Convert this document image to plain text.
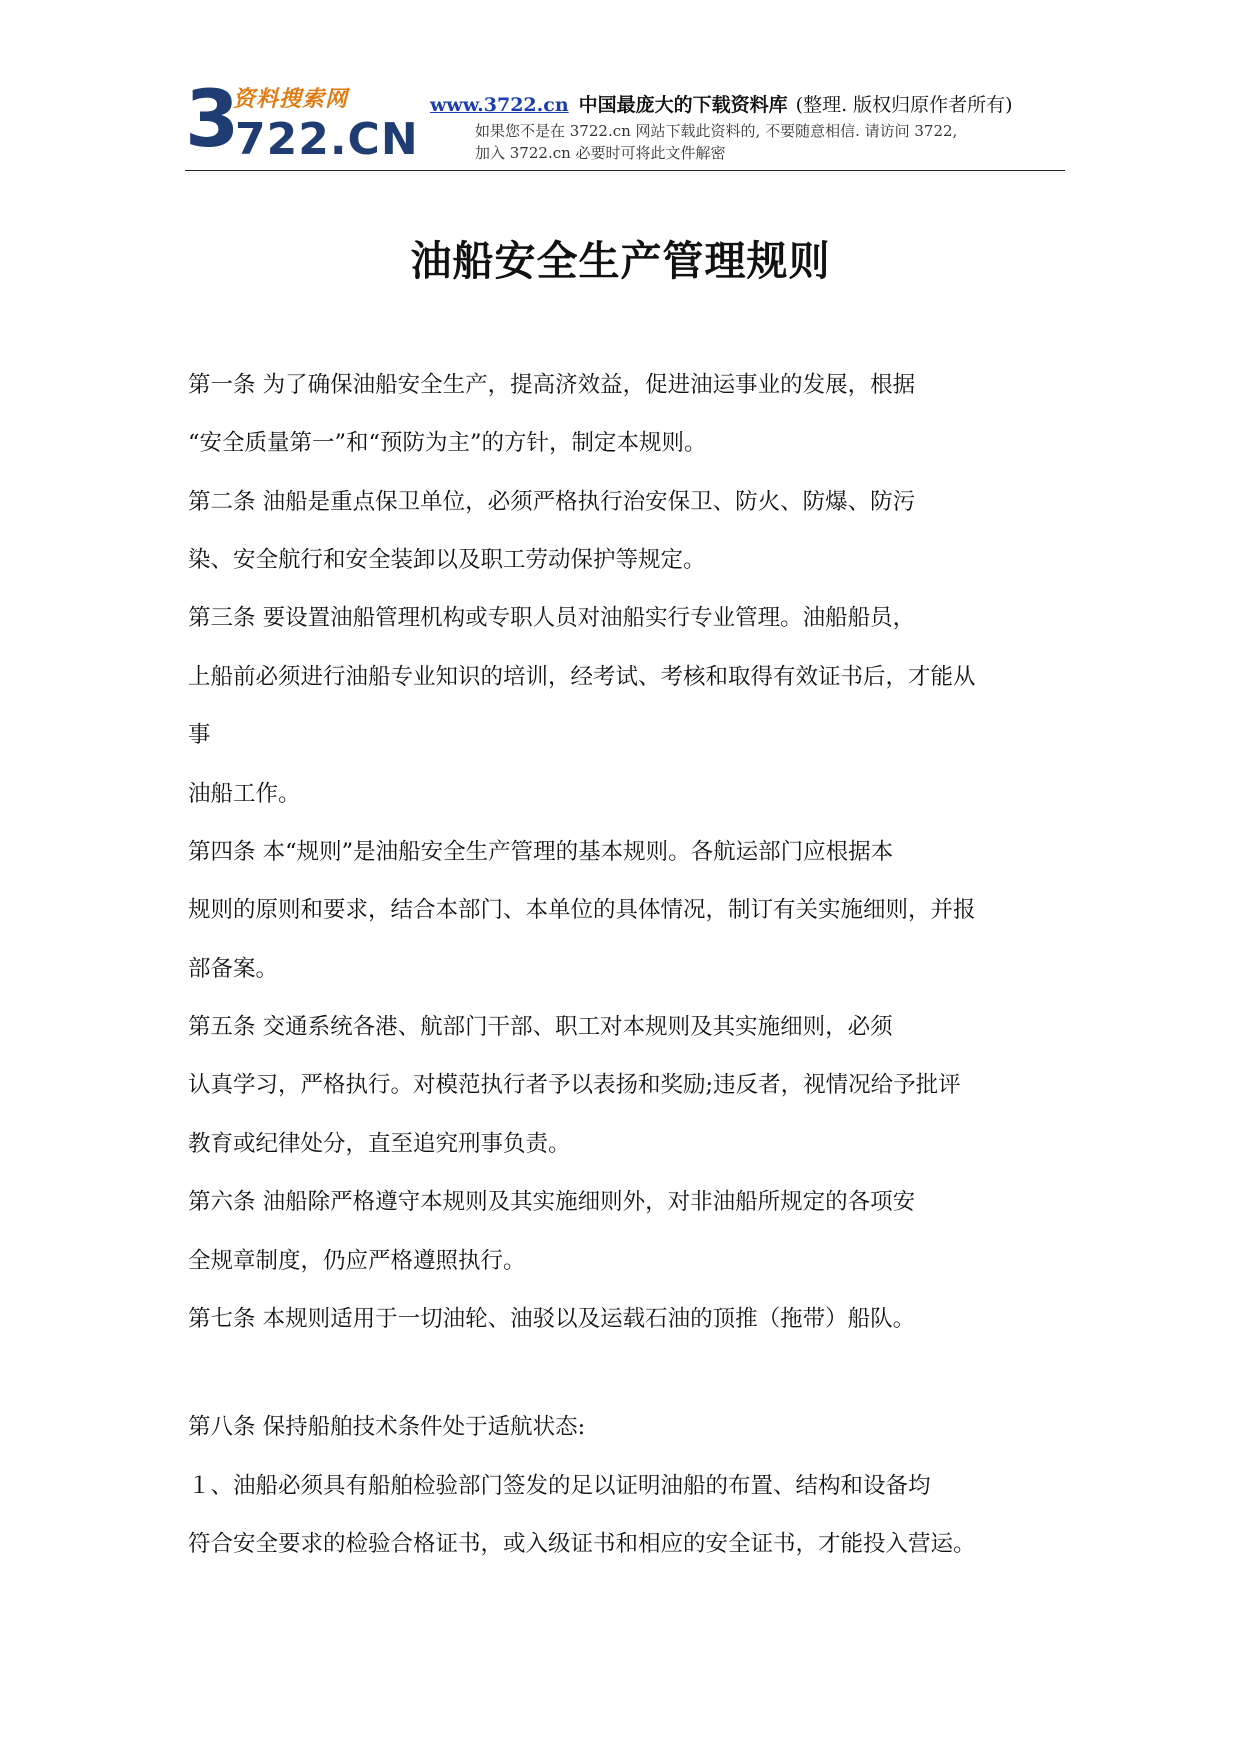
3
资料搜索网
722.CN
www.3722.cn 中国最庞大的下载资料库 (整理. 版权归原作者所有)
如果您不是在 3722.cn 网站下载此资料的, 不要随意相信. 请访问 3722,
加入 3722.cn 必要时可将此文件解密
油船安全生产管理规则
第一条 为了确保油船安全生产，提高济效益，促进油运事业的发展，根据
“安全质量第一”和“预防为主”的方针，制定本规则。
第二条 油船是重点保卫单位，必须严格执行治安保卫、防火、防爆、防污
染、安全航行和安全装卸以及职工劳动保护等规定。
第三条 要设置油船管理机构或专职人员对油船实行专业管理。油船船员，
上船前必须进行油船专业知识的培训，经考试、考核和取得有效证书后，才能从
事
油船工作。
第四条 本“规则”是油船安全生产管理的基本规则。各航运部门应根据本
规则的原则和要求，结合本部门、本单位的具体情况，制订有关实施细则，并报
部备案。
第五条 交通系统各港、航部门干部、职工对本规则及其实施细则，必须
认真学习，严格执行。对模范执行者予以表扬和奖励;违反者，视情况给予批评
教育或纪律处分，直至追究刑事负责。
第六条 油船除严格遵守本规则及其实施细则外，对非油船所规定的各项安
全规章制度，仍应严格遵照执行。
第七条 本规则适用于一切油轮、油驳以及运载石油的顶推（拖带）船队。
第八条 保持船舶技术条件处于适航状态:
１、油船必须具有船舶检验部门签发的足以证明油船的布置、结构和设备均
符合安全要求的检验合格证书，或入级证书和相应的安全证书，才能投入营运。
